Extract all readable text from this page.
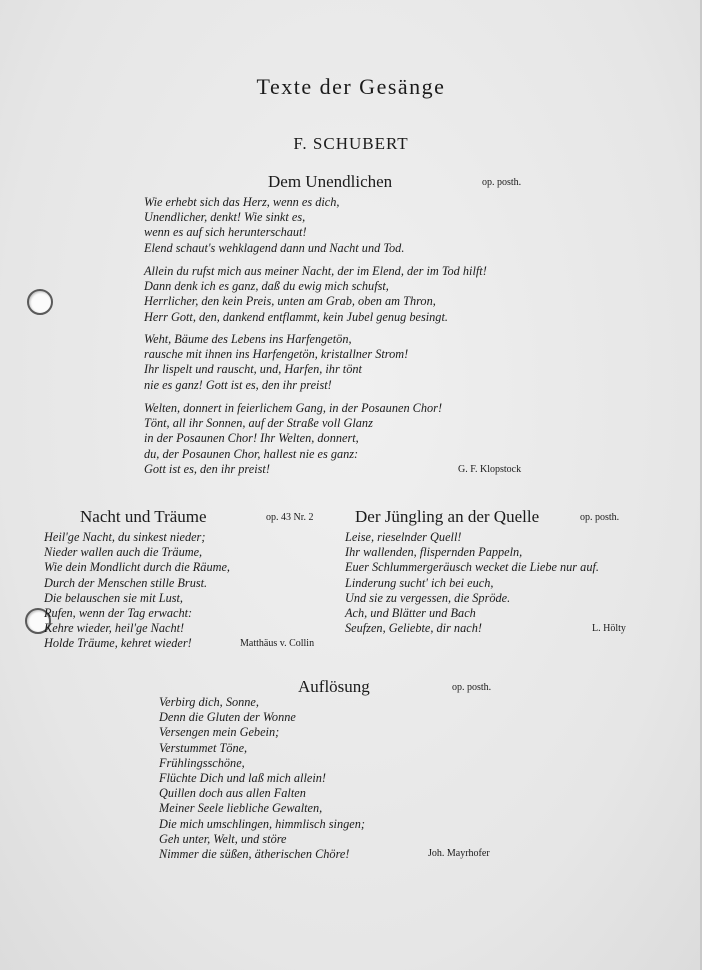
Texte der Gesänge
F. SCHUBERT
Dem Unendlichen	op. posth.
Wie erhebt sich das Herz, wenn es dich,
Unendlicher, denkt! Wie sinkt es,
wenn es auf sich herunterschaut!
Elend schaut's wehklagend dann und Nacht und Tod.
Allein du rufst mich aus meiner Nacht, der im Elend, der im Tod hilft!
Dann denk ich es ganz, daß du ewig mich schufst,
Herrlicher, den kein Preis, unten am Grab, oben am Thron,
Herr Gott, den, dankend entflammt, kein Jubel genug besingt.
Weht, Bäume des Lebens ins Harfengetön,
rausche mit ihnen ins Harfengetön, kristallner Strom!
Ihr lispelt und rauscht, und, Harfen, ihr tönt
nie es ganz! Gott ist es, den ihr preist!
Welten, donnert in feierlichem Gang, in der Posaunen Chor!
Tönt, all ihr Sonnen, auf der Straße voll Glanz
in der Posaunen Chor! Ihr Welten, donnert,
du, der Posaunen Chor, hallest nie es ganz:
Gott ist es, den ihr preist!	G. F. Klopstock
Nacht und Träume	op. 43 Nr. 2
Heil'ge Nacht, du sinkest nieder;
Nieder wallen auch die Träume,
Wie dein Mondlicht durch die Räume,
Durch der Menschen stille Brust.
Die belauschen sie mit Lust,
Rufen, wenn der Tag erwacht:
Kehre wieder, heil'ge Nacht!
Holde Träume, kehret wieder!	Matthäus v. Collin
Der Jüngling an der Quelle	op. posth.
Leise, rieselnder Quell!
Ihr wallenden, flispernden Pappeln,
Euer Schlummergeräusch wecket die Liebe nur auf.
Linderung sucht' ich bei euch,
Und sie zu vergessen, die Spröde.
Ach, und Blätter und Bach
Seufzen, Geliebte, dir nach!	L. Hölty
Auflösung	op. posth.
Verbirg dich, Sonne,
Denn die Gluten der Wonne
Versengen mein Gebein;
Verstummet Töne,
Frühlingsschöne,
Flüchte Dich und laß mich allein!
Quillen doch aus allen Falten
Meiner Seele liebliche Gewalten,
Die mich umschlingen, himmlisch singen;
Geh unter, Welt, und störe
Nimmer die süßen, ätherischen Chöre!	Joh. Mayrhofer
